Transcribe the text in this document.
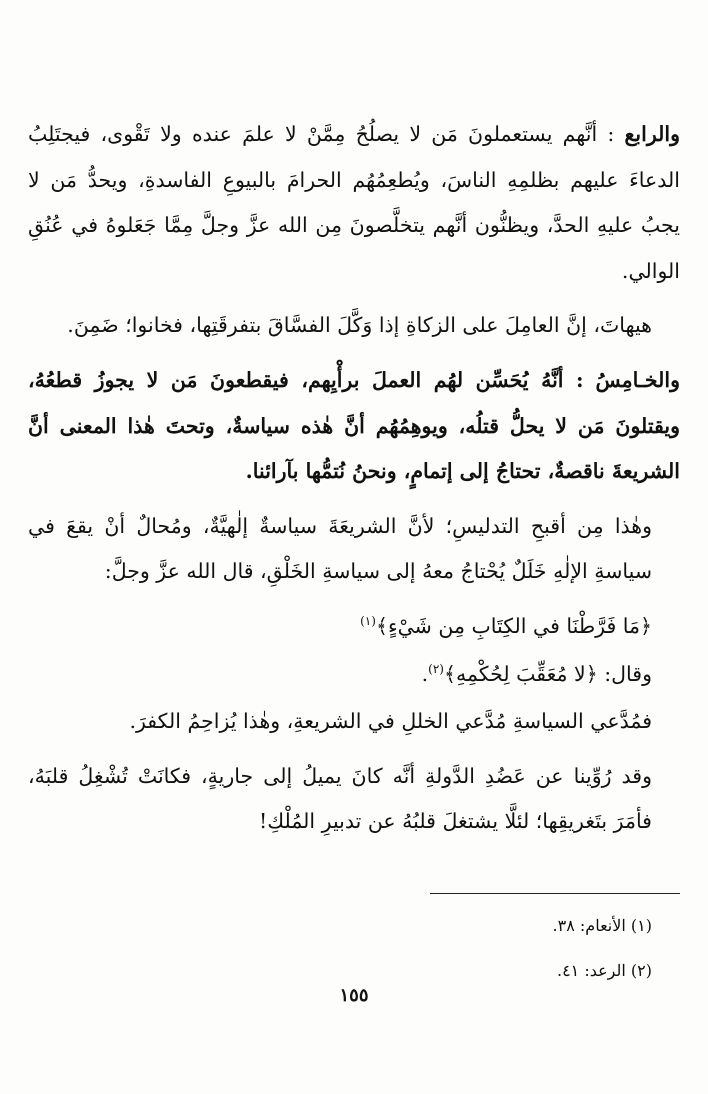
والرابع : أنَّهم يستعملونَ مَن لا يصلُحُ مِمَّنْ لا علمَ عنده ولا تَقْوى، فيجتَلِبُ الدعاءَ عليهم بظلمِهِ الناسَ، ويُطعِمُهُم الحرامَ بالبيوعِ الفاسدةِ، ويحدُّ مَن لا يجبُ عليهِ الحدَّ، ويظنُّون أنَّهم يتخلَّصونَ مِن الله عزَّ وجلَّ مِمَّا جَعَلوهُ في عُنُقِ الوالي.

هيهاتَ، إنَّ العامِلَ على الزكاةِ إذا وَكَّلَ الفسَّاقَ بتفرقَتِها، فخانوا؛ ضَمِنَ.

والخـامِسُ : أنَّهُ يُحَسِّن لهُم العملَ برأْيِهم، فيقطعونَ مَن لا يجوزُ قطعُهُ، ويقتلونَ مَن لا يحلُّ قتلُه، ويوهِمُهُم أنَّ هٰذه سياسةٌ، وتحتَ هٰذا المعنى أنَّ الشريعةَ ناقصةٌ، تحتاجُ إلى إتمامٍ، ونحنُ نُتمُّها بآرائنا.

وهٰذا مِن أقبحِ التدليسِ؛ لأنَّ الشريعَةَ سياسةٌ إلٰهيَّةٌ، ومُحالٌ أنْ يقعَ في سياسةِ الإلٰهِ خَلَلٌ يُحْتاجُ معهُ إلى سياسةِ الخَلْقِ، قال الله عزَّ وجلَّ:

﴿مَا فَرَّطْنَا في الكِتَابِ مِن شَيْءٍ﴾$^{(١)}$

وقال: ﴿لا مُعَقِّبَ لِحُكْمِهِ﴾$^{(٢)}$.

فمُدَّعي السياسةِ مُدَّعي الخللِ في الشريعةِ، وهٰذا يُزاحِمُ الكفرَ.

وقد رُوِّينا عن عَضُدِ الدَّولةِ أنَّه كانَ يميلُ إلى جاريةٍ، فكانَتْ تُشْغِلُ قلبَهُ، فأمَرَ بتَغريقِها؛ لئلَّا يشتغلَ قلبُهُ عن تدبيرِ المُلْكِ!

(١) الأنعام: ٣٨.

(٢) الرعد: ٤١.

١٥٥
